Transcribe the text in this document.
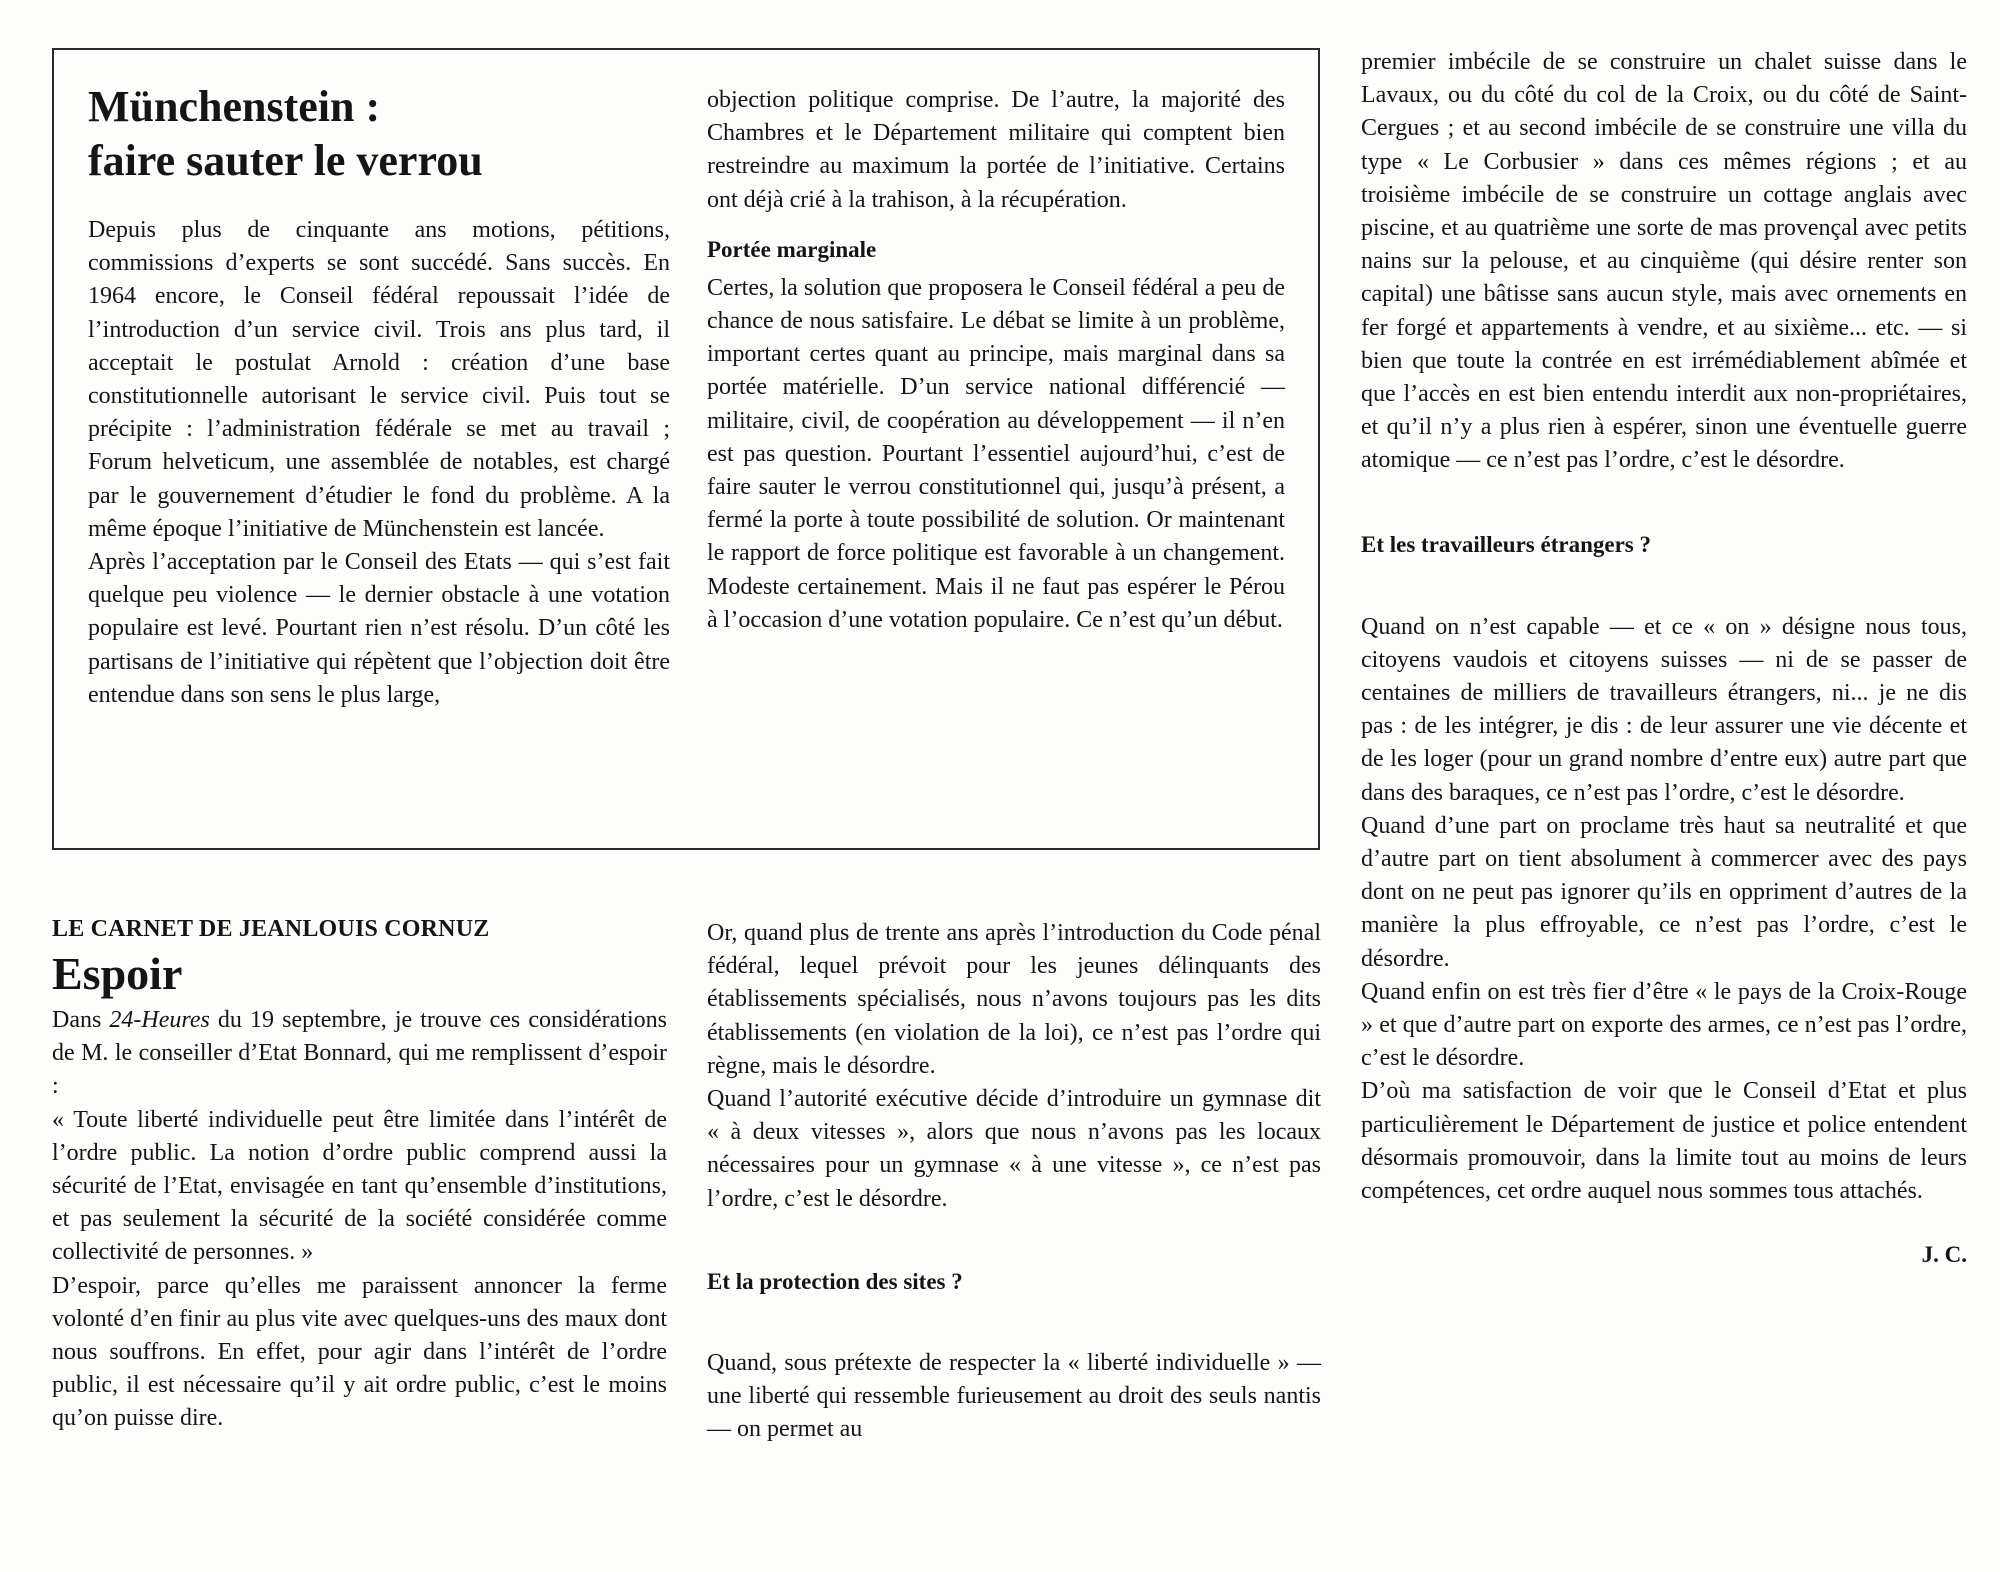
Münchenstein :
faire sauter le verrou

Depuis plus de cinquante ans motions, pétitions, commissions d’experts se sont succédé. Sans succès. En 1964 encore, le Conseil fédéral repoussait l’idée de l’introduction d’un service civil. Trois ans plus tard, il acceptait le postulat Arnold : création d’une base constitutionnelle autorisant le service civil. Puis tout se précipite : l’administration fédérale se met au travail ; Forum helveticum, une assemblée de notables, est chargé par le gouvernement d’étudier le fond du problème. A la même époque l’initiative de Münchenstein est lancée.

Après l’acceptation par le Conseil des Etats — qui s’est fait quelque peu violence — le dernier obstacle à une votation populaire est levé. Pourtant rien n’est résolu. D’un côté les partisans de l’initiative qui répètent que l’objection doit être entendue dans son sens le plus large,

objection politique comprise. De l’autre, la majorité des Chambres et le Département militaire qui comptent bien restreindre au maximum la portée de l’initiative. Certains ont déjà crié à la trahison, à la récupération.

Portée marginale

Certes, la solution que proposera le Conseil fédéral a peu de chance de nous satisfaire. Le débat se limite à un problème, important certes quant au principe, mais marginal dans sa portée matérielle. D’un service national différencié — militaire, civil, de coopération au développement — il n’en est pas question. Pourtant l’essentiel aujourd’hui, c’est de faire sauter le verrou constitutionnel qui, jusqu’à présent, a fermé la porte à toute possibilité de solution. Or maintenant le rapport de force politique est favorable à un changement. Modeste certainement. Mais il ne faut pas espérer le Pérou à l’occasion d’une votation populaire. Ce n’est qu’un début.

LE CARNET DE JEANLOUIS CORNUZ
Espoir

Dans 24-Heures du 19 septembre, je trouve ces considérations de M. le conseiller d’Etat Bonnard, qui me remplissent d’espoir :

« Toute liberté individuelle peut être limitée dans l’intérêt de l’ordre public. La notion d’ordre public comprend aussi la sécurité de l’Etat, envisagée en tant qu’ensemble d’institutions, et pas seulement la sécurité de la société considérée comme collectivité de personnes. »

D’espoir, parce qu’elles me paraissent annoncer la ferme volonté d’en finir au plus vite avec quelques-uns des maux dont nous souffrons. En effet, pour agir dans l’intérêt de l’ordre public, il est nécessaire qu’il y ait ordre public, c’est le moins qu’on puisse dire.

Or, quand plus de trente ans après l’introduction du Code pénal fédéral, lequel prévoit pour les jeunes délinquants des établissements spécialisés, nous n’avons toujours pas les dits établissements (en violation de la loi), ce n’est pas l’ordre qui règne, mais le désordre.

Quand l’autorité exécutive décide d’introduire un gymnase dit « à deux vitesses », alors que nous n’avons pas les locaux nécessaires pour un gymnase « à une vitesse », ce n’est pas l’ordre, c’est le désordre.

Et la protection des sites ?

Quand, sous prétexte de respecter la « liberté individuelle » — une liberté qui ressemble furieusement au droit des seuls nantis — on permet au

premier imbécile de se construire un chalet suisse dans le Lavaux, ou du côté du col de la Croix, ou du côté de Saint-Cergues ; et au second imbécile de se construire une villa du type « Le Corbusier » dans ces mêmes régions ; et au troisième imbécile de se construire un cottage anglais avec piscine, et au quatrième une sorte de mas provençal avec petits nains sur la pelouse, et au cinquième (qui désire renter son capital) une bâtisse sans aucun style, mais avec ornements en fer forgé et appartements à vendre, et au sixième... etc. — si bien que toute la contrée en est irrémédiablement abîmée et que l’accès en est bien entendu interdit aux non-propriétaires, et qu’il n’y a plus rien à espérer, sinon une éventuelle guerre atomique — ce n’est pas l’ordre, c’est le désordre.

Et les travailleurs étrangers ?

Quand on n’est capable — et ce « on » désigne nous tous, citoyens vaudois et citoyens suisses — ni de se passer de centaines de milliers de travailleurs étrangers, ni... je ne dis pas : de les intégrer, je dis : de leur assurer une vie décente et de les loger (pour un grand nombre d’entre eux) autre part que dans des baraques, ce n’est pas l’ordre, c’est le désordre.

Quand d’une part on proclame très haut sa neutralité et que d’autre part on tient absolument à commercer avec des pays dont on ne peut pas ignorer qu’ils en oppriment d’autres de la manière la plus effroyable, ce n’est pas l’ordre, c’est le désordre.

Quand enfin on est très fier d’être « le pays de la Croix-Rouge » et que d’autre part on exporte des armes, ce n’est pas l’ordre, c’est le désordre.

D’où ma satisfaction de voir que le Conseil d’Etat et plus particulièrement le Département de justice et police entendent désormais promouvoir, dans la limite tout au moins de leurs compétences, cet ordre auquel nous sommes tous attachés.

J. C.
